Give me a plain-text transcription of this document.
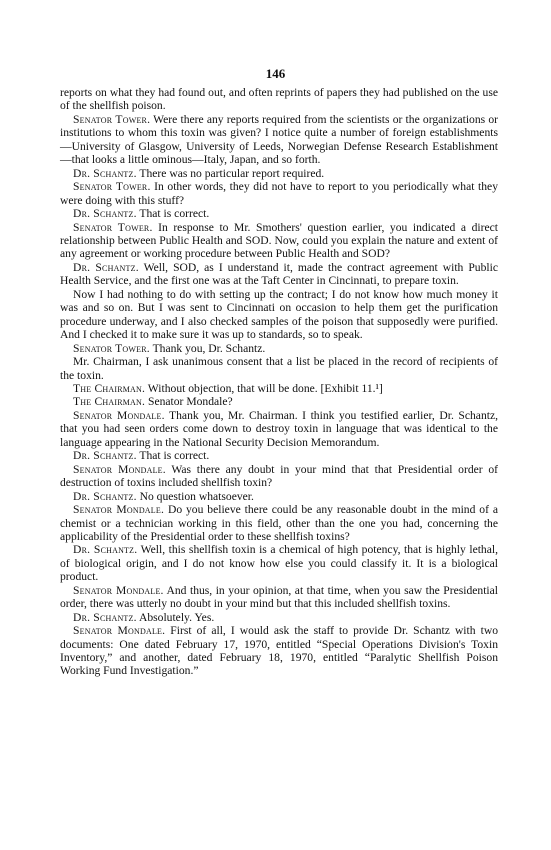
146

reports on what they had found out, and often reprints of papers they had published on the use of the shellfish poison.

Senator Tower. Were there any reports required from the scientists or the organizations or institutions to whom this toxin was given? I notice quite a number of foreign establishments—University of Glasgow, University of Leeds, Norwegian Defense Research Establishment—that looks a little ominous—Italy, Japan, and so forth.

Dr. Schantz. There was no particular report required.

Senator Tower. In other words, they did not have to report to you periodically what they were doing with this stuff?

Dr. Schantz. That is correct.

Senator Tower. In response to Mr. Smothers' question earlier, you indicated a direct relationship between Public Health and SOD. Now, could you explain the nature and extent of any agreement or working procedure between Public Health and SOD?

Dr. Schantz. Well, SOD, as I understand it, made the contract agreement with Public Health Service, and the first one was at the Taft Center in Cincinnati, to prepare toxin.

Now I had nothing to do with setting up the contract; I do not know how much money it was and so on. But I was sent to Cincinnati on occasion to help them get the purification procedure underway, and I also checked samples of the poison that supposedly were purified. And I checked it to make sure it was up to standards, so to speak.

Senator Tower. Thank you, Dr. Schantz.

Mr. Chairman, I ask unanimous consent that a list be placed in the record of recipients of the toxin.

The Chairman. Without objection, that will be done. [Exhibit 11.¹]

The Chairman. Senator Mondale?

Senator Mondale. Thank you, Mr. Chairman. I think you testified earlier, Dr. Schantz, that you had seen orders come down to destroy toxin in language that was identical to the language appearing in the National Security Decision Memorandum.

Dr. Schantz. That is correct.

Senator Mondale. Was there any doubt in your mind that that Presidential order of destruction of toxins included shellfish toxin?

Dr. Schantz. No question whatsoever.

Senator Mondale. Do you believe there could be any reasonable doubt in the mind of a chemist or a technician working in this field, other than the one you had, concerning the applicability of the Presidential order to these shellfish toxins?

Dr. Schantz. Well, this shellfish toxin is a chemical of high potency, that is highly lethal, of biological origin, and I do not know how else you could classify it. It is a biological product.

Senator Mondale. And thus, in your opinion, at that time, when you saw the Presidential order, there was utterly no doubt in your mind but that this included shellfish toxins.

Dr. Schantz. Absolutely. Yes.

Senator Mondale. First of all, I would ask the staff to provide Dr. Schantz with two documents: One dated February 17, 1970, entitled “Special Operations Division's Toxin Inventory,” and another, dated February 18, 1970, entitled “Paralytic Shellfish Poison Working Fund Investigation.”
